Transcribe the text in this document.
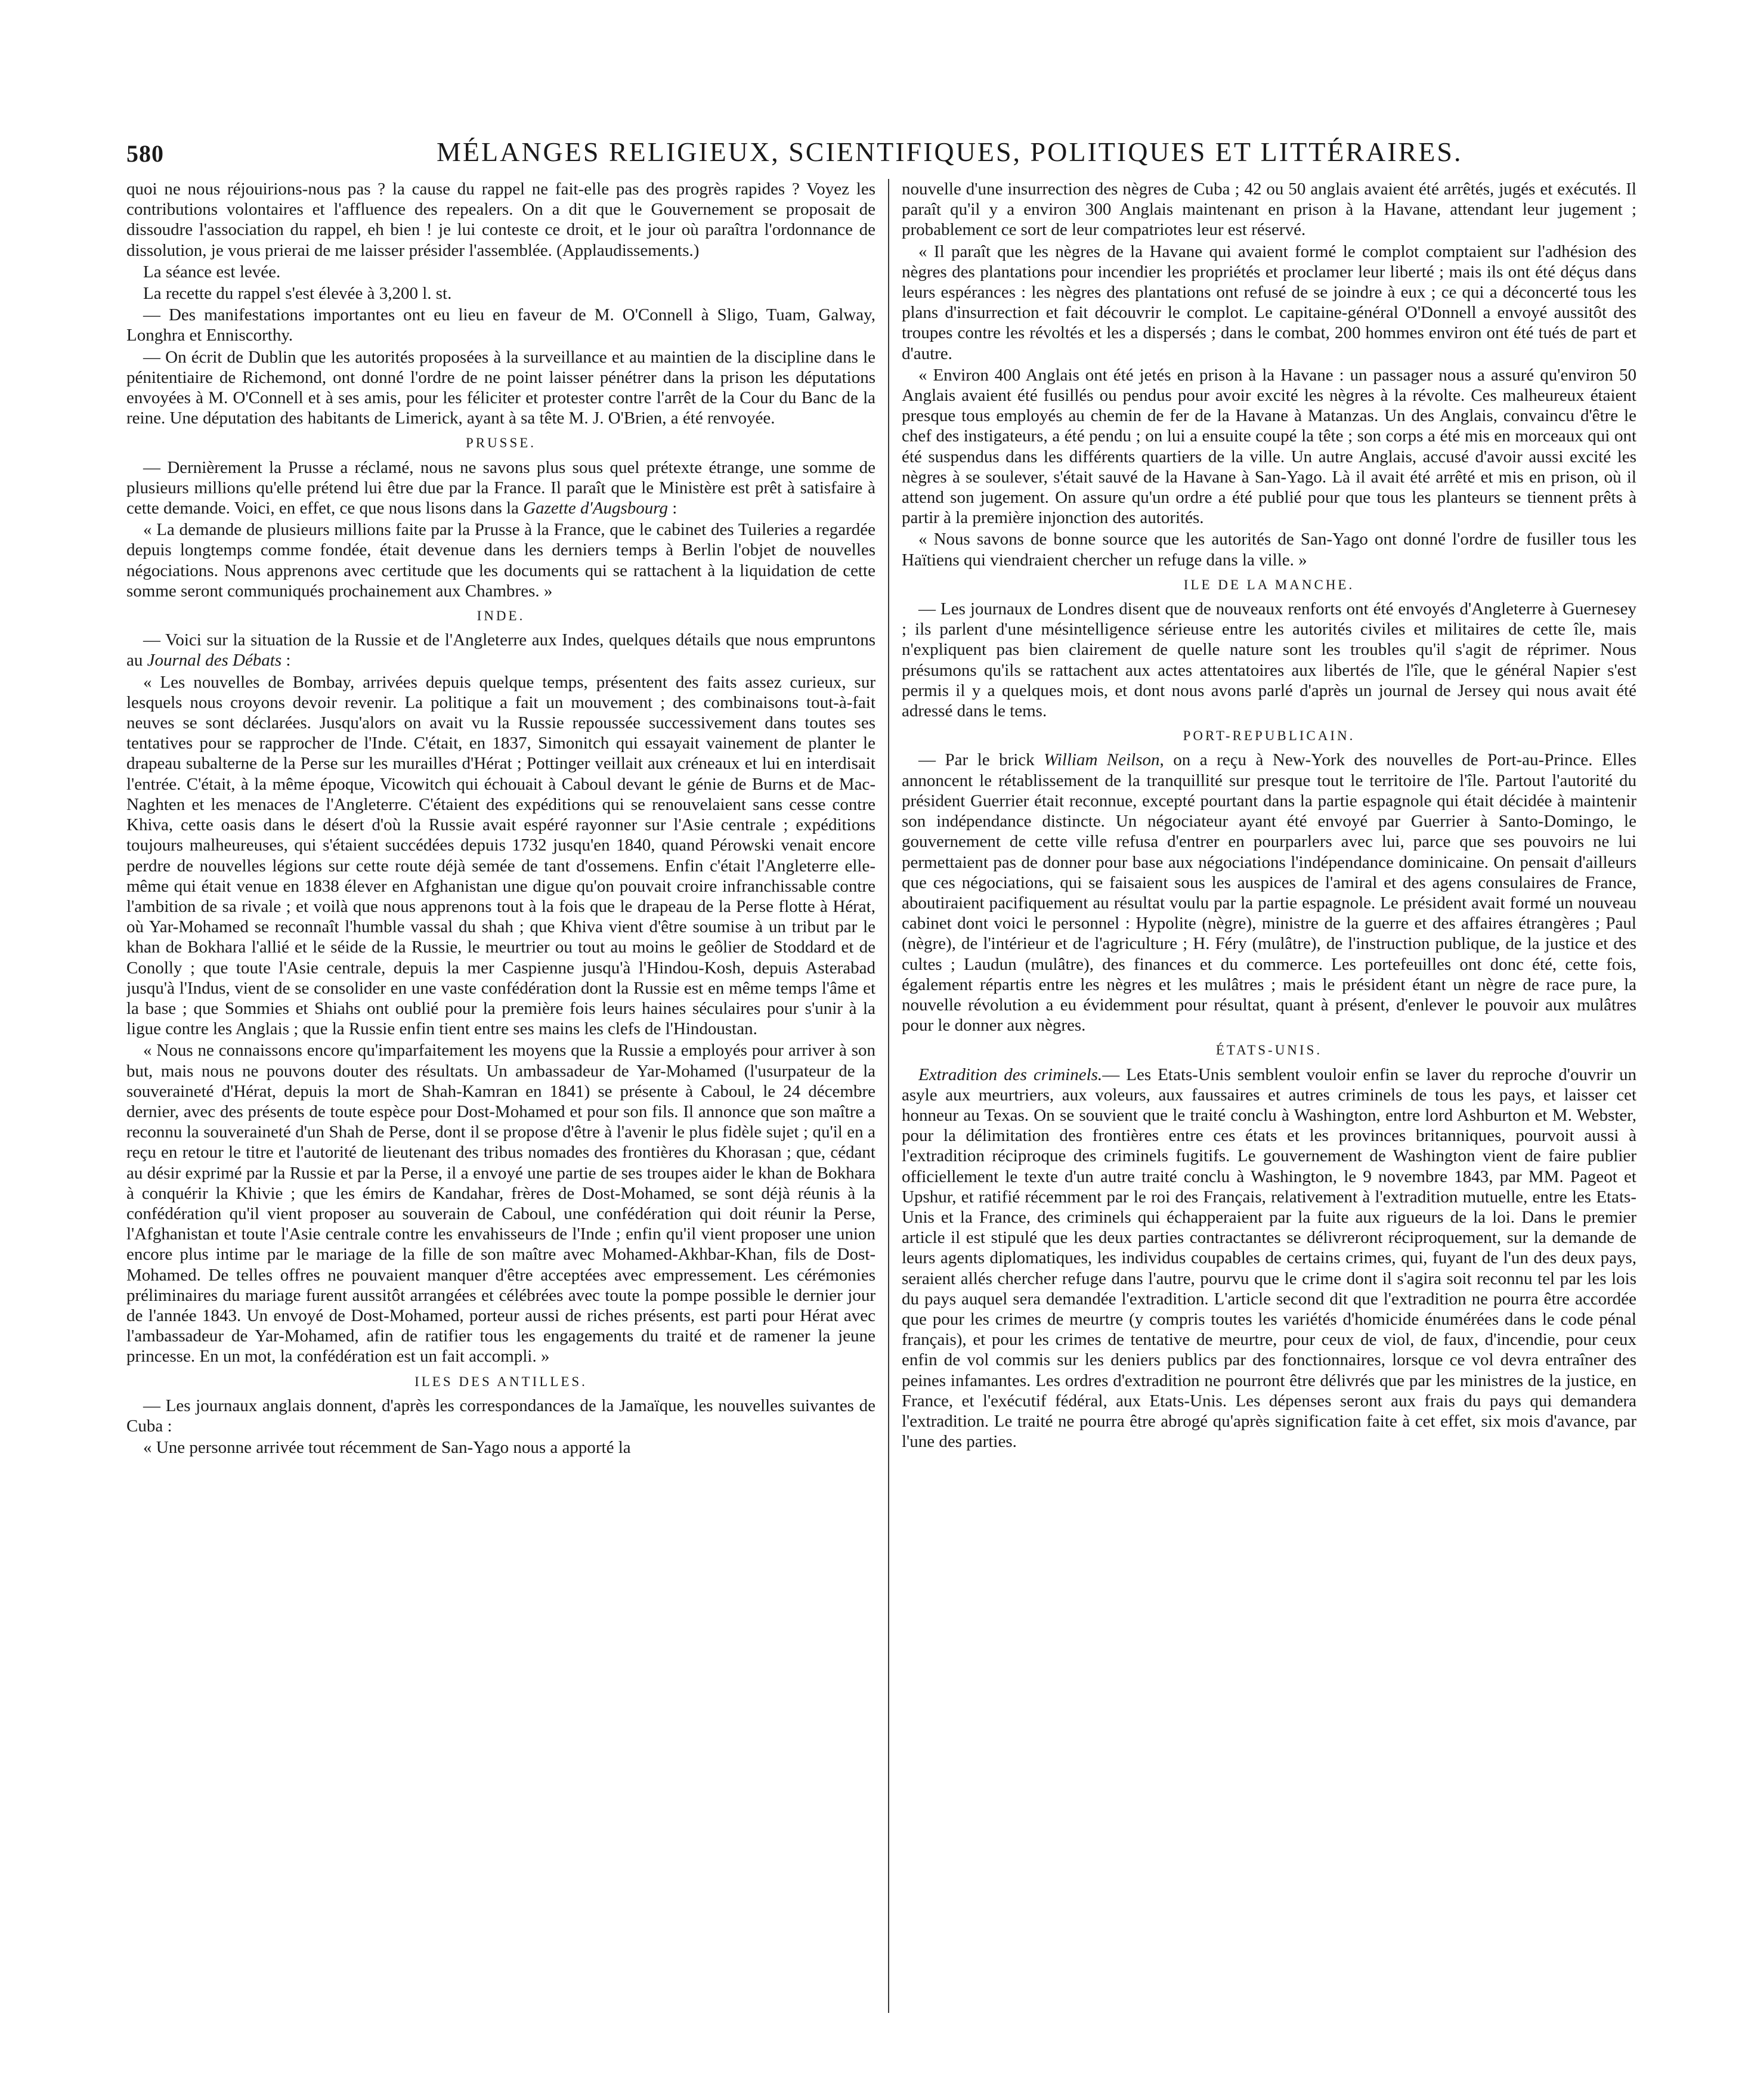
580	MÉLANGES RELIGIEUX, SCIENTIFIQUES, POLITIQUES ET LITTÉRAIRES.

quoi ne nous réjouirions-nous pas ? la cause du rappel ne fait-elle pas des progrès rapides ? Voyez les contributions volontaires et l'affluence des repealers. On a dit que le Gouvernement se proposait de dissoudre l'association du rappel, eh bien ! je lui conteste ce droit, et le jour où paraîtra l'ordonnance de dissolution, je vous prierai de me laisser présider l'assemblée. (Applaudissements.)

La séance est levée.

La recette du rappel s'est élevée à 3,200 l. st.

— Des manifestations importantes ont eu lieu en faveur de M. O'Connell à Sligo, Tuam, Galway, Longhra et Enniscorthy.

— On écrit de Dublin que les autorités proposées à la surveillance et au maintien de la discipline dans le pénitentiaire de Richemond, ont donné l'ordre de ne point laisser pénétrer dans la prison les députations envoyées à M. O'Connell et à ses amis, pour les féliciter et protester contre l'arrêt de la Cour du Banc de la reine. Une députation des habitants de Limerick, ayant à sa tête M. J. O'Brien, a été renvoyée.

PRUSSE.

— Dernièrement la Prusse a réclamé, nous ne savons plus sous quel prétexte étrange, une somme de plusieurs millions qu'elle prétend lui être due par la France. Il paraît que le Ministère est prêt à satisfaire à cette demande. Voici, en effet, ce que nous lisons dans la Gazette d'Augsbourg :

« La demande de plusieurs millions faite par la Prusse à la France, que le cabinet des Tuileries a regardée depuis longtemps comme fondée, était devenue dans les derniers temps à Berlin l'objet de nouvelles négociations. Nous apprenons avec certitude que les documents qui se rattachent à la liquidation de cette somme seront communiqués prochainement aux Chambres. »

INDE.

— Voici sur la situation de la Russie et de l'Angleterre aux Indes, quelques détails que nous empruntons au Journal des Débats :

« Les nouvelles de Bombay, arrivées depuis quelque temps, présentent des faits assez curieux, sur lesquels nous croyons devoir revenir. La politique a fait un mouvement ; des combinaisons tout-à-fait neuves se sont déclarées. Jusqu'alors on avait vu la Russie repoussée successivement dans toutes ses tentatives pour se rapprocher de l'Inde. C'était, en 1837, Simonitch qui essayait vainement de planter le drapeau subalterne de la Perse sur les murailles d'Hérat ; Pottinger veillait aux créneaux et lui en interdisait l'entrée. C'était, à la même époque, Vicowitch qui échouait à Caboul devant le génie de Burns et de Mac-Naghten et les menaces de l'Angleterre. C'étaient des expéditions qui se renouvelaient sans cesse contre Khiva, cette oasis dans le désert d'où la Russie avait espéré rayonner sur l'Asie centrale ; expéditions toujours malheureuses, qui s'étaient succédées depuis 1732 jusqu'en 1840, quand Pérowski venait encore perdre de nouvelles légions sur cette route déjà semée de tant d'ossemens. Enfin c'était l'Angleterre elle-même qui était venue en 1838 élever en Afghanistan une digue qu'on pouvait croire infranchissable contre l'ambition de sa rivale ; et voilà que nous apprenons tout à la fois que le drapeau de la Perse flotte à Hérat, où Yar-Mohamed se reconnaît l'humble vassal du shah ; que Khiva vient d'être soumise à un tribut par le khan de Bokhara l'allié et le séide de la Russie, le meurtrier ou tout au moins le geôlier de Stoddard et de Conolly ; que toute l'Asie centrale, depuis la mer Caspienne jusqu'à l'Hindou-Kosh, depuis Asterabad jusqu'à l'Indus, vient de se consolider en une vaste confédération dont la Russie est en même temps l'âme et la base ; que Sommies et Shiahs ont oublié pour la première fois leurs haines séculaires pour s'unir à la ligue contre les Anglais ; que la Russie enfin tient entre ses mains les clefs de l'Hindoustan.

« Nous ne connaissons encore qu'imparfaitement les moyens que la Russie a employés pour arriver à son but, mais nous ne pouvons douter des résultats. Un ambassadeur de Yar-Mohamed (l'usurpateur de la souveraineté d'Hérat, depuis la mort de Shah-Kamran en 1841) se présente à Caboul, le 24 décembre dernier, avec des présents de toute espèce pour Dost-Mohamed et pour son fils. Il annonce que son maître a reconnu la souveraineté d'un Shah de Perse, dont il se propose d'être à l'avenir le plus fidèle sujet ; qu'il en a reçu en retour le titre et l'autorité de lieutenant des tribus nomades des frontières du Khorasan ; que, cédant au désir exprimé par la Russie et par la Perse, il a envoyé une partie de ses troupes aider le khan de Bokhara à conquérir la Khivie ; que les émirs de Kandahar, frères de Dost-Mohamed, se sont déjà réunis à la confédération qu'il vient proposer au souverain de Caboul, une confédération qui doit réunir la Perse, l'Afghanistan et toute l'Asie centrale contre les envahisseurs de l'Inde ; enfin qu'il vient proposer une union encore plus intime par le mariage de la fille de son maître avec Mohamed-Akhbar-Khan, fils de Dost-Mohamed. De telles offres ne pouvaient manquer d'être acceptées avec empressement. Les cérémonies préliminaires du mariage furent aussitôt arrangées et célébrées avec toute la pompe possible le dernier jour de l'année 1843. Un envoyé de Dost-Mohamed, porteur aussi de riches présents, est parti pour Hérat avec l'ambassadeur de Yar-Mohamed, afin de ratifier tous les engagements du traité et de ramener la jeune princesse. En un mot, la confédération est un fait accompli. »

ILES DES ANTILLES.

— Les journaux anglais donnent, d'après les correspondances de la Jamaïque, les nouvelles suivantes de Cuba :

« Une personne arrivée tout récemment de San-Yago nous a apporté la

nouvelle d'une insurrection des nègres de Cuba ; 42 ou 50 anglais avaient été arrêtés, jugés et exécutés. Il paraît qu'il y a environ 300 Anglais maintenant en prison à la Havane, attendant leur jugement ; probablement ce sort de leur compatriotes leur est réservé.

« Il paraît que les nègres de la Havane qui avaient formé le complot comptaient sur l'adhésion des nègres des plantations pour incendier les propriétés et proclamer leur liberté ; mais ils ont été déçus dans leurs espérances : les nègres des plantations ont refusé de se joindre à eux ; ce qui a déconcerté tous les plans d'insurrection et fait découvrir le complot. Le capitaine-général O'Donnell a envoyé aussitôt des troupes contre les révoltés et les a dispersés ; dans le combat, 200 hommes environ ont été tués de part et d'autre.

« Environ 400 Anglais ont été jetés en prison à la Havane : un passager nous a assuré qu'environ 50 Anglais avaient été fusillés ou pendus pour avoir excité les nègres à la révolte. Ces malheureux étaient presque tous employés au chemin de fer de la Havane à Matanzas. Un des Anglais, convaincu d'être le chef des instigateurs, a été pendu ; on lui a ensuite coupé la tête ; son corps a été mis en morceaux qui ont été suspendus dans les différents quartiers de la ville. Un autre Anglais, accusé d'avoir aussi excité les nègres à se soulever, s'était sauvé de la Havane à San-Yago. Là il avait été arrêté et mis en prison, où il attend son jugement. On assure qu'un ordre a été publié pour que tous les planteurs se tiennent prêts à partir à la première injonction des autorités.

« Nous savons de bonne source que les autorités de San-Yago ont donné l'ordre de fusiller tous les Haïtiens qui viendraient chercher un refuge dans la ville. »

ILE DE LA MANCHE.

— Les journaux de Londres disent que de nouveaux renforts ont été envoyés d'Angleterre à Guernesey ; ils parlent d'une mésintelligence sérieuse entre les autorités civiles et militaires de cette île, mais n'expliquent pas bien clairement de quelle nature sont les troubles qu'il s'agit de réprimer. Nous présumons qu'ils se rattachent aux actes attentatoires aux libertés de l'île, que le général Napier s'est permis il y a quelques mois, et dont nous avons parlé d'après un journal de Jersey qui nous avait été adressé dans le tems.

PORT-REPUBLICAIN.

— Par le brick William Neilson, on a reçu à New-York des nouvelles de Port-au-Prince. Elles annoncent le rétablissement de la tranquillité sur presque tout le territoire de l'île. Partout l'autorité du président Guerrier était reconnue, excepté pourtant dans la partie espagnole qui était décidée à maintenir son indépendance distincte. Un négociateur ayant été envoyé par Guerrier à Santo-Domingo, le gouvernement de cette ville refusa d'entrer en pourparlers avec lui, parce que ses pouvoirs ne lui permettaient pas de donner pour base aux négociations l'indépendance dominicaine. On pensait d'ailleurs que ces négociations, qui se faisaient sous les auspices de l'amiral et des agens consulaires de France, aboutiraient pacifiquement au résultat voulu par la partie espagnole. Le président avait formé un nouveau cabinet dont voici le personnel : Hypolite (nègre), ministre de la guerre et des affaires étrangères ; Paul (nègre), de l'intérieur et de l'agriculture ; H. Féry (mulâtre), de l'instruction publique, de la justice et des cultes ; Laudun (mulâtre), des finances et du commerce. Les portefeuilles ont donc été, cette fois, également répartis entre les nègres et les mulâtres ; mais le président étant un nègre de race pure, la nouvelle révolution a eu évidemment pour résultat, quant à présent, d'enlever le pouvoir aux mulâtres pour le donner aux nègres.

ÉTATS-UNIS.

Extradition des criminels.— Les Etats-Unis semblent vouloir enfin se laver du reproche d'ouvrir un asyle aux meurtriers, aux voleurs, aux faussaires et autres criminels de tous les pays, et laisser cet honneur au Texas. On se souvient que le traité conclu à Washington, entre lord Ashburton et M. Webster, pour la délimitation des frontières entre ces états et les provinces britanniques, pourvoit aussi à l'extradition réciproque des criminels fugitifs. Le gouvernement de Washington vient de faire publier officiellement le texte d'un autre traité conclu à Washington, le 9 novembre 1843, par MM. Pageot et Upshur, et ratifié récemment par le roi des Français, relativement à l'extradition mutuelle, entre les Etats-Unis et la France, des criminels qui échapperaient par la fuite aux rigueurs de la loi. Dans le premier article il est stipulé que les deux parties contractantes se délivreront réciproquement, sur la demande de leurs agents diplomatiques, les individus coupables de certains crimes, qui, fuyant de l'un des deux pays, seraient allés chercher refuge dans l'autre, pourvu que le crime dont il s'agira soit reconnu tel par les lois du pays auquel sera demandée l'extradition. L'article second dit que l'extradition ne pourra être accordée que pour les crimes de meurtre (y compris toutes les variétés d'homicide énumérées dans le code pénal français), et pour les crimes de tentative de meurtre, pour ceux de viol, de faux, d'incendie, pour ceux enfin de vol commis sur les deniers publics par des fonctionnaires, lorsque ce vol devra entraîner des peines infamantes. Les ordres d'extradition ne pourront être délivrés que par les ministres de la justice, en France, et l'exécutif fédéral, aux Etats-Unis. Les dépenses seront aux frais du pays qui demandera l'extradition. Le traité ne pourra être abrogé qu'après signification faite à cet effet, six mois d'avance, par l'une des parties.
